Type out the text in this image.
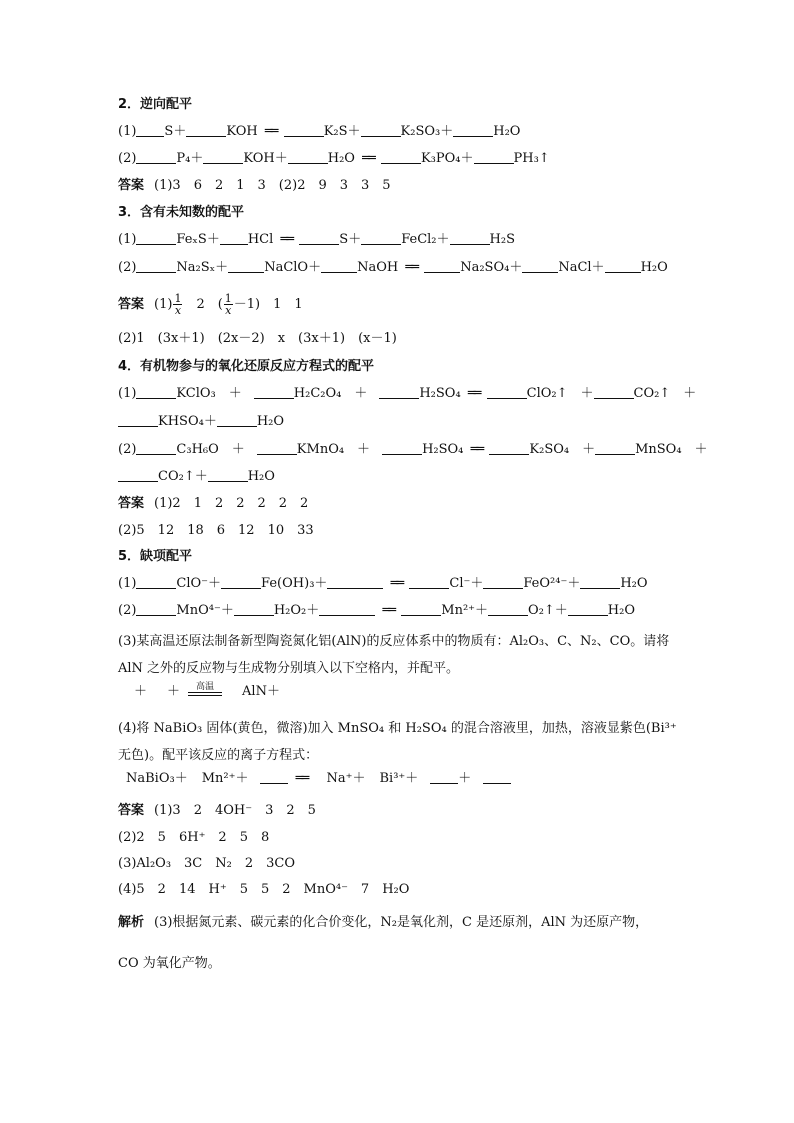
2．逆向配平
(1) S＋	KOH ══	K₂S＋	K₂SO₃＋	H₂O
(2)	P₄＋	KOH＋	H₂O ══	K₃PO₄＋	PH₃↑
答案 (1)3　6　2　1　3　(2)2　9　3　3　5
3．含有未知数的配平
(1)	FeₓS＋ HCl ══	S＋	FeCl₂＋	H₂S
(2)	Na₂Sₓ＋	NaClO＋	NaOH ══	Na₂SO₄＋	NaCl＋	H₂O
答案 $(1) \frac{1}{x}$ 　2　( $\frac{1}{x} -1$)　1　1
(2)1　(3x＋1)　(2x－2)　x　(3x＋1)　(x－1)
4．有机物参与的氧化还原反应方程式的配平
(1)	KClO₃　＋	H₂C₂O₄　＋	H₂SO₄ ══	ClO₂↑　＋	CO₂↑　＋
KHSO₄＋	H₂O
(2)	C₃H₆O　＋	KMnO₄　＋	H₂SO₄ ══	K₂SO₄　＋	MnSO₄　＋
CO₂↑＋	H₂O
答案 (1)2　1　2　2　2　2　2
(2)5　12　18　6　12　10　33
5．缺项配平
(1)	ClO⁻＋	Fe(OH)₃＋	══	Cl⁻＋	FeO²⁴⁻＋	H₂O
(2)	MnO⁴⁻＋	H₂O₂＋	══	Mn²⁺＋	O₂↑＋	H₂O
(3)某高温还原法制备新型陶瓷氮化铝(AlN)的反应体系中的物质有：Al₂O₃、C、N₂、CO。请将 AlN 之外的反应物与生成物分别填入以下空格内，并配平。
＋ ＋	高温	AlN＋
(4)将 NaBiO₃ 固体(黄色，微溶)加入 MnSO₄ 和 H₂SO₄ 的混合溶液里，加热，溶液显紫色(Bi³⁺无色)。配平该反应的离子方程式：
NaBiO₃＋ Mn²⁺＋	══ Na⁺＋ Bi³⁺＋	＋
答案 (1)3　2　4OH⁻　3　2　5
(2)2　5　6H⁺　2　5　8
(3)Al₂O₃　3C　N₂　2　3CO
(4)5　2　14　H⁺　5　5　2　MnO⁴⁻　7　H₂O
解析 (3)根据氮元素、碳元素的化合价变化，N₂是氧化剂，C 是还原剂，AlN 为还原产物，
CO 为氧化产物。
